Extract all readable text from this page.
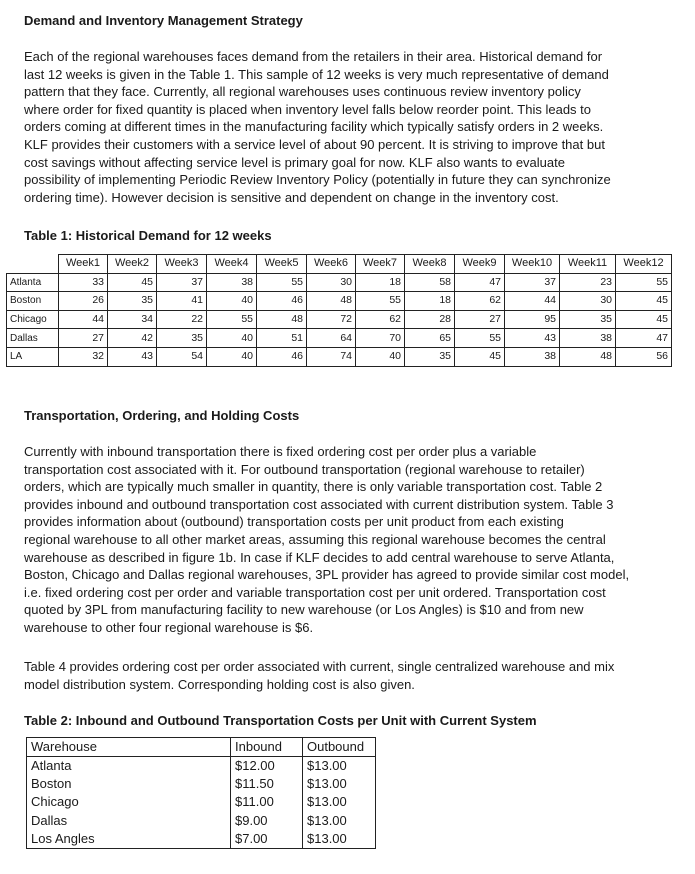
Demand and Inventory Management Strategy
Each of the regional warehouses faces demand from the retailers in their area. Historical demand for
last 12 weeks is given in the Table 1. This sample of 12 weeks is very much representative of demand
pattern that they face. Currently, all regional warehouses uses continuous review inventory policy
where order for fixed quantity is placed when inventory level falls below reorder point. This leads to
orders coming at different times in the manufacturing facility which typically satisfy orders in 2 weeks.
KLF provides their customers with a service level of about 90 percent. It is striving to improve that but
cost savings without affecting service level is primary goal for now. KLF also wants to evaluate
possibility of implementing Periodic Review Inventory Policy (potentially in future they can synchronize
ordering time). However decision is sensitive and dependent on change in the inventory cost.
Table 1: Historical Demand for 12 weeks
	Week1	Week2	Week3	Week4	Week5	Week6	Week7	Week8	Week9	Week10	Week11	Week12
Atlanta	33	45	37	38	55	30	18	58	47	37	23	55
Boston	26	35	41	40	46	48	55	18	62	44	30	45
Chicago	44	34	22	55	48	72	62	28	27	95	35	45
Dallas	27	42	35	40	51	64	70	65	55	43	38	47
LA	32	43	54	40	46	74	40	35	45	38	48	56
Transportation, Ordering, and Holding Costs
Currently with inbound transportation there is fixed ordering cost per order plus a variable
transportation cost associated with it. For outbound transportation (regional warehouse to retailer)
orders, which are typically much smaller in quantity, there is only variable transportation cost. Table 2
provides inbound and outbound transportation cost associated with current distribution system. Table 3
provides information about (outbound) transportation costs per unit product from each existing
regional warehouse to all other market areas, assuming this regional warehouse becomes the central
warehouse as described in figure 1b. In case if KLF decides to add central warehouse to serve Atlanta,
Boston, Chicago and Dallas regional warehouses, 3PL provider has agreed to provide similar cost model,
i.e. fixed ordering cost per order and variable transportation cost per unit ordered. Transportation cost
quoted by 3PL from manufacturing facility to new warehouse (or Los Angles) is $10 and from new
warehouse to other four regional warehouse is $6.
Table 4 provides ordering cost per order associated with current, single centralized warehouse and mix
model distribution system. Corresponding holding cost is also given.
Table 2: Inbound and Outbound Transportation Costs per Unit with Current System
Warehouse	Inbound	Outbound
Atlanta	$12.00	$13.00
Boston	$11.50	$13.00
Chicago	$11.00	$13.00
Dallas	$9.00	$13.00
Los Angles	$7.00	$13.00
